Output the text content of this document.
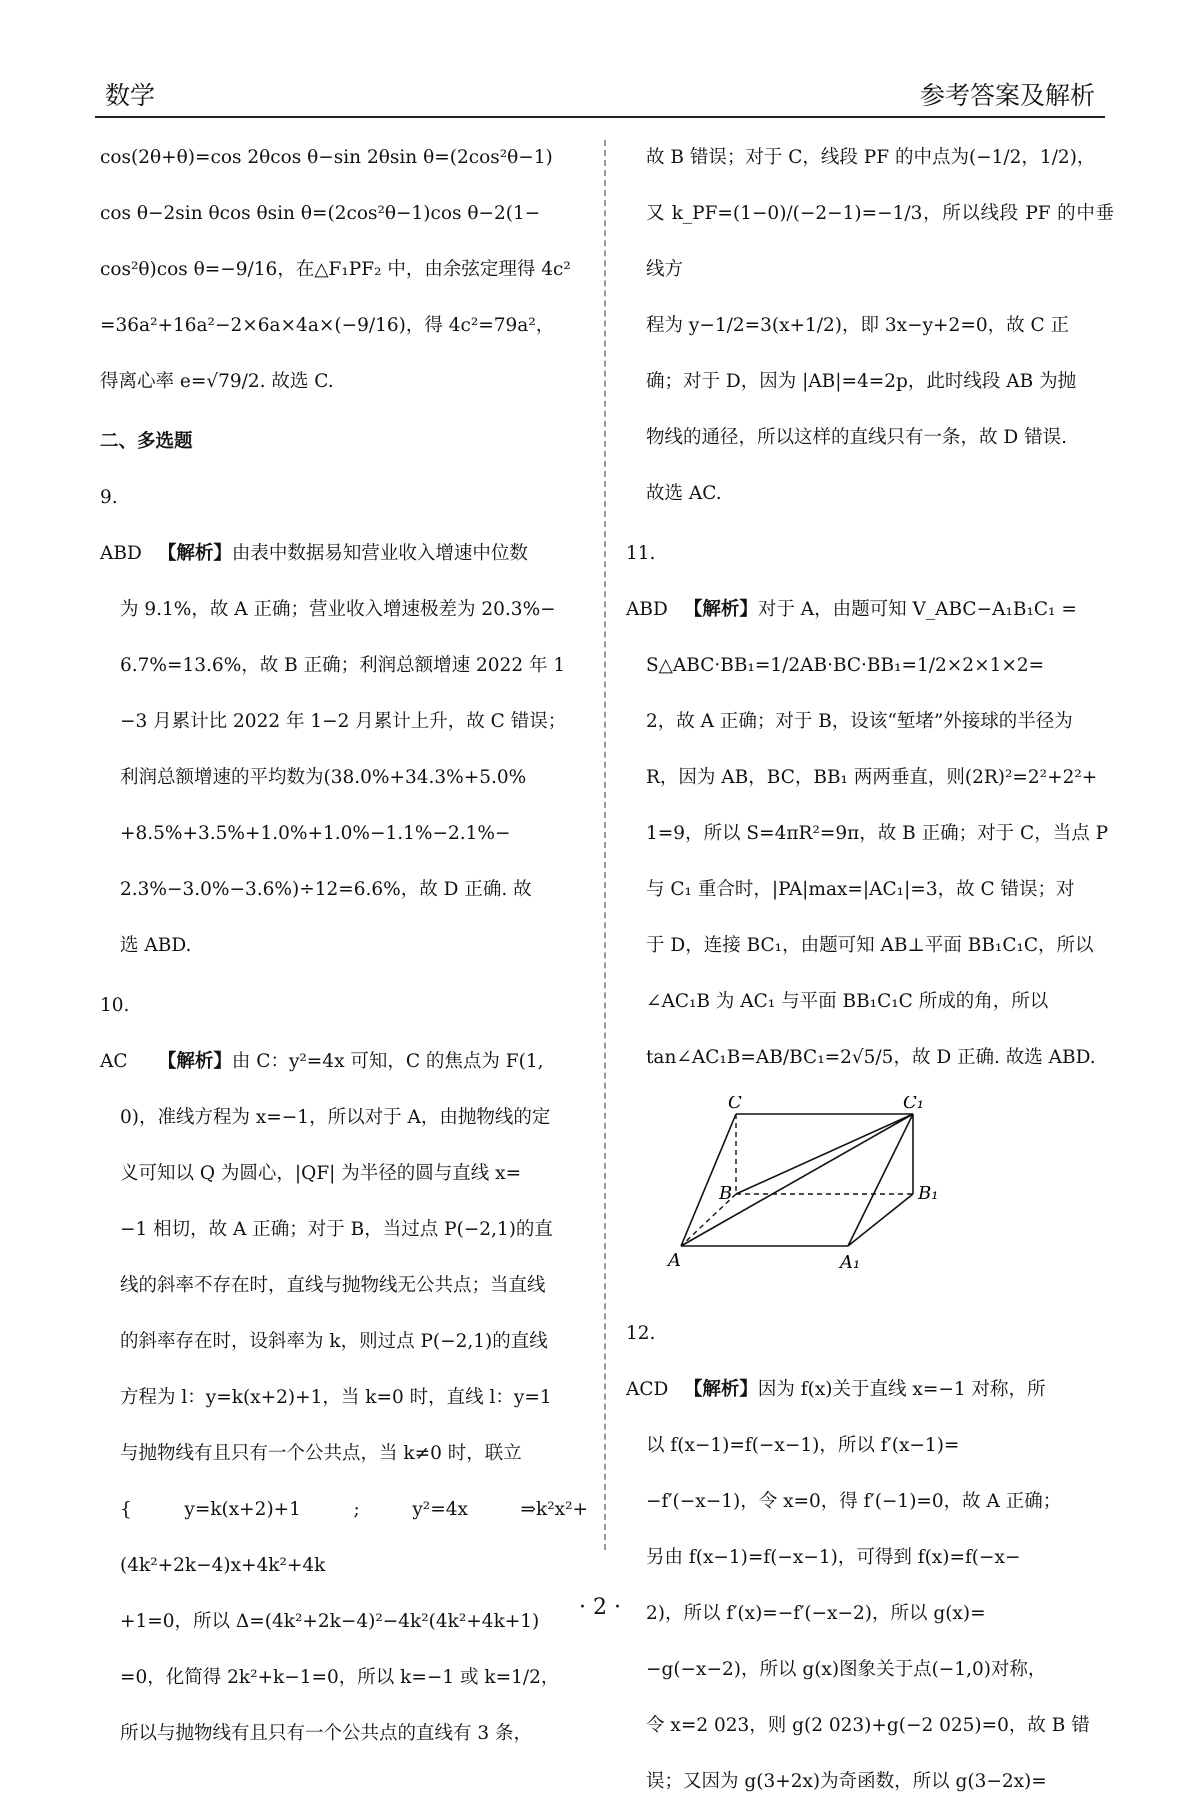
数学	参考答案及解析

cos(2θ+θ)=cos 2θcos θ−sin 2θsin θ=(2cos²θ−1)

cos θ−2sin θcos θsin θ=(2cos²θ−1)cos θ−2(1−

cos²θ)cos θ=−9/16，在△F₁PF₂ 中，由余弦定理得 4c²

=36a²+16a²−2×6a×4a×(−9/16)，得 4c²=79a²，

得离心率 e=√79/2. 故选 C.

二、多选题

9. ABD 【解析】由表中数据易知营业收入增速中位数

为 9.1%，故 A 正确；营业收入增速极差为 20.3%−

6.7%=13.6%，故 B 正确；利润总额增速 2022 年 1

−3 月累计比 2022 年 1−2 月累计上升，故 C 错误；

利润总额增速的平均数为(38.0%+34.3%+5.0%

+8.5%+3.5%+1.0%+1.0%−1.1%−2.1%−

2.3%−3.0%−3.6%)÷12=6.6%，故 D 正确. 故

选 ABD.

10. AC 【解析】由 C：y²=4x 可知，C 的焦点为 F(1,

0)，准线方程为 x=−1，所以对于 A，由抛物线的定

义可知以 Q 为圆心，|QF| 为半径的圆与直线 x=

−1 相切，故 A 正确；对于 B，当过点 P(−2,1)的直

线的斜率不存在时，直线与抛物线无公共点；当直线

的斜率存在时，设斜率为 k，则过点 P(−2,1)的直线

方程为 l：y=k(x+2)+1，当 k=0 时，直线 l：y=1

与抛物线有且只有一个公共点，当 k≠0 时，联立

{ y=k(x+2)+1 ; y²=4x ⇒k²x²+(4k²+2k−4)x+4k²+4k

+1=0，所以 Δ=(4k²+2k−4)²−4k²(4k²+4k+1)

=0，化简得 2k²+k−1=0，所以 k=−1 或 k=1/2，

所以与抛物线有且只有一个公共点的直线有 3 条，

故 B 错误；对于 C，线段 PF 的中点为(−1/2，1/2)，

又 k_PF=(1−0)/(−2−1)=−1/3，所以线段 PF 的中垂线方

程为 y−1/2=3(x+1/2)，即 3x−y+2=0，故 C 正

确；对于 D，因为 |AB|=4=2p，此时线段 AB 为抛

物线的通径，所以这样的直线只有一条，故 D 错误.

故选 AC.

11. ABD 【解析】对于 A，由题可知 V_ABC−A₁B₁C₁ =

S△ABC·BB₁=1/2AB·BC·BB₁=1/2×2×1×2=

2，故 A 正确；对于 B，设该“堑堵”外接球的半径为

R，因为 AB，BC，BB₁ 两两垂直，则(2R)²=2²+2²+

1=9，所以 S=4πR²=9π，故 B 正确；对于 C，当点 P

与 C₁ 重合时，|PA|max=|AC₁|=3，故 C 错误；对

于 D，连接 BC₁，由题可知 AB⊥平面 BB₁C₁C，所以

∠AC₁B 为 AC₁ 与平面 BB₁C₁C 所成的角，所以

tan∠AC₁B=AB/BC₁=2√5/5，故 D 正确. 故选 ABD.

C	C₁
B	B₁
A	A₁

12. ACD 【解析】因为 f(x)关于直线 x=−1 对称，所

以 f(x−1)=f(−x−1)，所以 f′(x−1)=

−f′(−x−1)，令 x=0，得 f′(−1)=0，故 A 正确；

另由 f(x−1)=f(−x−1)，可得到 f(x)=f(−x−

2)，所以 f′(x)=−f′(−x−2)，所以 g(x)=

−g(−x−2)，所以 g(x)图象关于点(−1,0)对称，

令 x=2 023，则 g(2 023)+g(−2 025)=0，故 B 错

误；又因为 g(3+2x)为奇函数，所以 g(3−2x)=

· 2 ·
